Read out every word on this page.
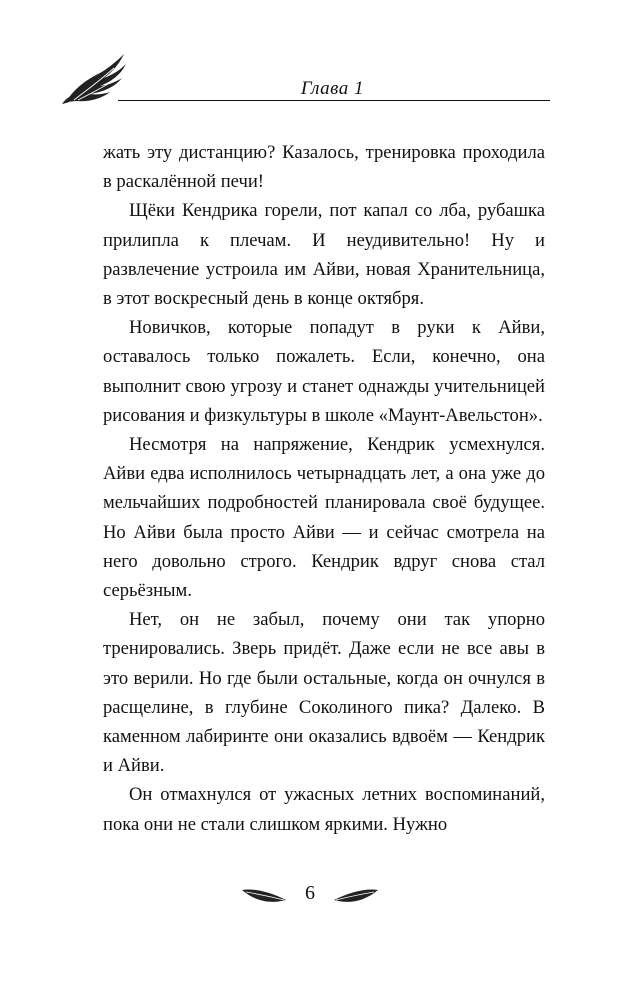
Глава 1

жать эту дистанцию? Казалось, тренировка проходила в раскалённой печи!

Щёки Кендрика горели, пот капал со лба, рубашка прилипла к плечам. И неудивительно! Ну и развлечение устроила им Айви, новая Хранительница, в этот воскресный день в конце октября.

Новичков, которые попадут в руки к Айви, оставалось только пожалеть. Если, конечно, она выполнит свою угрозу и станет однажды учительницей рисования и физкультуры в школе «Маунт-Авельстон».

Несмотря на напряжение, Кендрик усмехнулся. Айви едва исполнилось четырнадцать лет, а она уже до мельчайших подробностей планировала своё будущее. Но Айви была просто Айви — и сейчас смотрела на него довольно строго. Кендрик вдруг снова стал серьёзным.

Нет, он не забыл, почему они так упорно тренировались. Зверь придёт. Даже если не все авы в это верили. Но где были остальные, когда он очнулся в расщелине, в глубине Соколиного пика? Далеко. В каменном лабиринте они оказались вдвоём — Кендрик и Айви.

Он отмахнулся от ужасных летних воспоминаний, пока они не стали слишком яркими. Нужно

6
